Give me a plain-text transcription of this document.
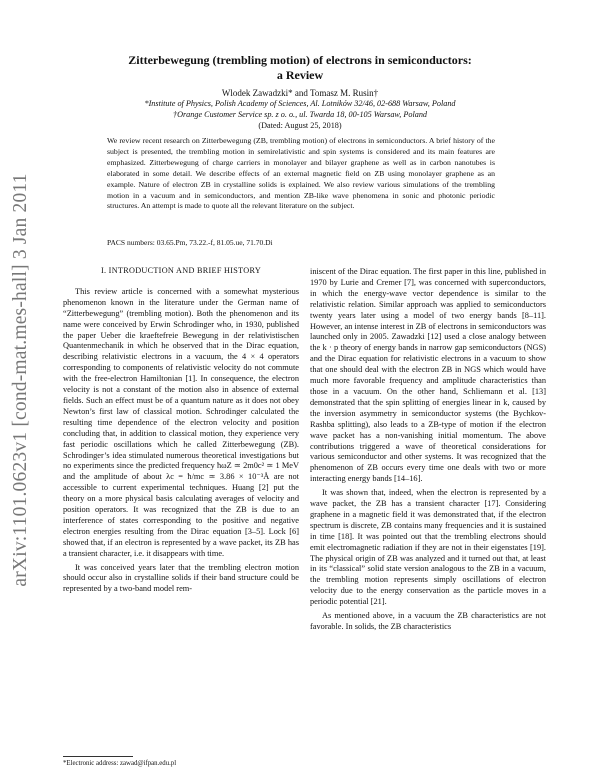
arXiv:1101.0623v1 [cond-mat.mes-hall] 3 Jan 2011
Zitterbewegung (trembling motion) of electrons in semiconductors:
a Review
Wlodek Zawadzki* and Tomasz M. Rusin†
*Institute of Physics, Polish Academy of Sciences, Al. Lotników 32/46, 02-688 Warsaw, Poland
†Orange Customer Service sp. z o. o., ul. Twarda 18, 00-105 Warsaw, Poland
(Dated: August 25, 2018)

We review recent research on Zitterbewegung (ZB, trembling motion) of electrons in semiconductors. A brief history of the subject is presented, the trembling motion in semirelativistic and spin systems is considered and its main features are emphasized. Zitterbewegung of charge carriers in monolayer and bilayer graphene as well as in carbon nanotubes is elaborated in some detail. We describe effects of an external magnetic field on ZB using monolayer graphene as an example. Nature of electron ZB in crystalline solids is explained. We also review various simulations of the trembling motion in a vacuum and in semiconductors, and mention ZB-like wave phenomena in sonic and photonic periodic structures. An attempt is made to quote all the relevant literature on the subject.

PACS numbers: 03.65.Pm, 73.22.-f, 81.05.ue, 71.70.Di

I. INTRODUCTION AND BRIEF HISTORY

This review article is concerned with a somewhat mysterious phenomenon known in the literature under the German name of “Zitterbewegung” (trembling motion). Both the phenomenon and its name were conceived by Erwin Schrodinger who, in 1930, published the paper Ueber die kraeftefreie Bewegung in der relativistischen Quantenmechanik in which he observed that in the Dirac equation, describing relativistic electrons in a vacuum, the 4 × 4 operators corresponding to components of relativistic velocity do not commute with the free-electron Hamiltonian [1]. In consequence, the electron velocity is not a constant of the motion also in absence of external fields. Such an effect must be of a quantum nature as it does not obey Newton’s first law of classical motion. Schrodinger calculated the resulting time dependence of the electron velocity and position concluding that, in addition to classical motion, they experience very fast periodic oscillations which he called Zitterbewegung (ZB). Schrodinger’s idea stimulated numerous theoretical investigations but no experiments since the predicted frequency ħωZ ≃ 2m0c² ≃ 1 MeV and the amplitude of about λc = ħ/mc ≃ 3.86 × 10⁻³Å are not accessible to current experimental techniques. Huang [2] put the theory on a more physical basis calculating averages of velocity and position operators. It was recognized that the ZB is due to an interference of states corresponding to the positive and negative electron energies resulting from the Dirac equation [3–5]. Lock [6] showed that, if an electron is represented by a wave packet, its ZB has a transient character, i.e. it disappears with time.

It was conceived years later that the trembling electron motion should occur also in crystalline solids if their band structure could be represented by a two-band model rem-

iniscent of the Dirac equation. The first paper in this line, published in 1970 by Lurie and Cremer [7], was concerned with superconductors, in which the energy-wave vector dependence is similar to the relativistic relation. Similar approach was applied to semiconductors twenty years later using a model of two energy bands [8–11]. However, an intense interest in ZB of electrons in semiconductors was launched only in 2005. Zawadzki [12] used a close analogy between the k · p theory of energy bands in narrow gap semiconductors (NGS) and the Dirac equation for relativistic electrons in a vacuum to show that one should deal with the electron ZB in NGS which would have much more favorable frequency and amplitude characteristics than those in a vacuum. On the other hand, Schliemann et al. [13] demonstrated that the spin splitting of energies linear in k, caused by the inversion asymmetry in semiconductor systems (the Bychkov-Rashba splitting), also leads to a ZB-type of motion if the electron wave packet has a non-vanishing initial momentum. The above contributions triggered a wave of theoretical considerations for various semiconductor and other systems. It was recognized that the phenomenon of ZB occurs every time one deals with two or more interacting energy bands [14–16].

It was shown that, indeed, when the electron is represented by a wave packet, the ZB has a transient character [17]. Considering graphene in a magnetic field it was demonstrated that, if the electron spectrum is discrete, ZB contains many frequencies and it is sustained in time [18]. It was pointed out that the trembling electrons should emit electromagnetic radiation if they are not in their eigenstates [19]. The physical origin of ZB was analyzed and it turned out that, at least in its “classical” solid state version analogous to the ZB in a vacuum, the trembling motion represents simply oscillations of electron velocity due to the energy conservation as the particle moves in a periodic potential [21].

As mentioned above, in a vacuum the ZB characteristics are not favorable. In solids, the ZB characteristics

*Electronic address: zawad@ifpan.edu.pl
